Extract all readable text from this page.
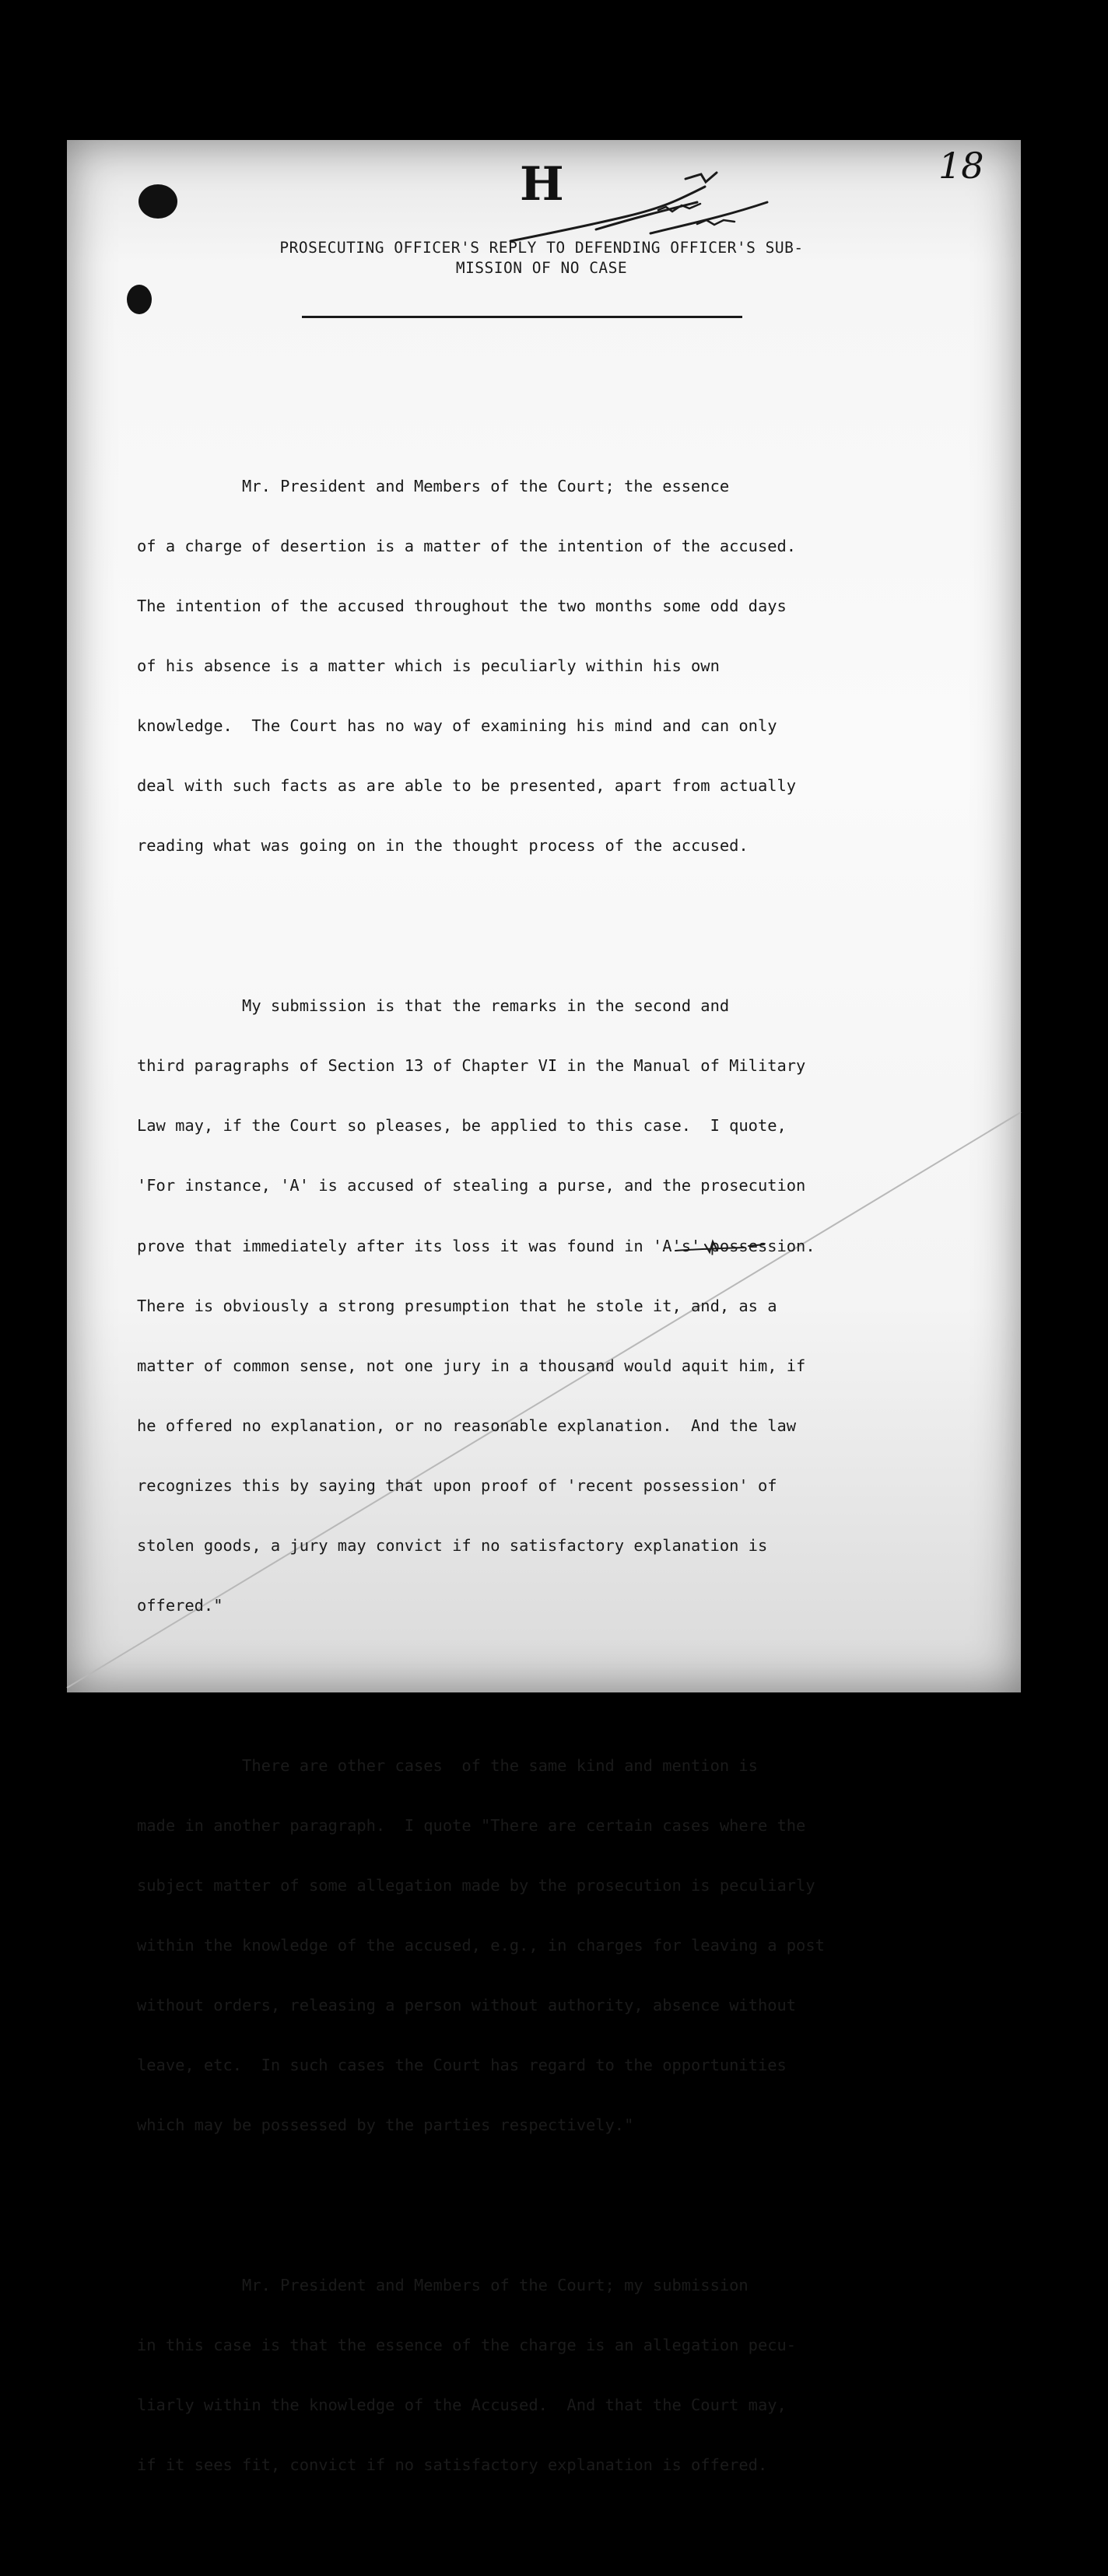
H	18
PROSECUTING OFFICER'S REPLY TO DEFENDING OFFICER'S SUB-
MISSION OF NO CASE

Mr. President and Members of the Court; the essence

of a charge of desertion is a matter of the intention of the accused.

The intention of the accused throughout the two months some odd days

of his absence is a matter which is peculiarly within his own

knowledge.  The Court has no way of examining his mind and can only

deal with such facts as are able to be presented, apart from actually

reading what was going on in the thought process of the accused.

My submission is that the remarks in the second and

third paragraphs of Section 13 of Chapter VI in the Manual of Military

Law may, if the Court so pleases, be applied to this case.  I quote,

'For instance, 'A' is accused of stealing a purse, and the prosecution

prove that immediately after its loss it was found in 'A's' possession.

There is obviously a strong presumption that he stole it, and, as a

matter of common sense, not one jury in a thousand would aquit him, if

he offered no explanation, or no reasonable explanation.  And the law

recognizes this by saying that upon proof of 'recent possession' of

stolen goods, a jury may convict if no satisfactory explanation is

offered."

There are other cases  of the same kind and mention is

made in another paragraph.  I quote "There are certain cases where the

subject matter of some allegation made by the prosecution is peculiarly

within the knowledge of the accused, e.g., in charges for leaving a post

without orders, releasing a person without authority, absence without

leave, etc.  In such cases the Court has regard to the opportunities

which may be possessed by the parties respectively."

Mr. President and Members of the Court; my submission

in this case is that the essence of the charge is an allegation pecu-

liarly within the knowledge of the Accused.  And that the Court may,

if it sees fit, convict if no satisfactory explanation is offered.
